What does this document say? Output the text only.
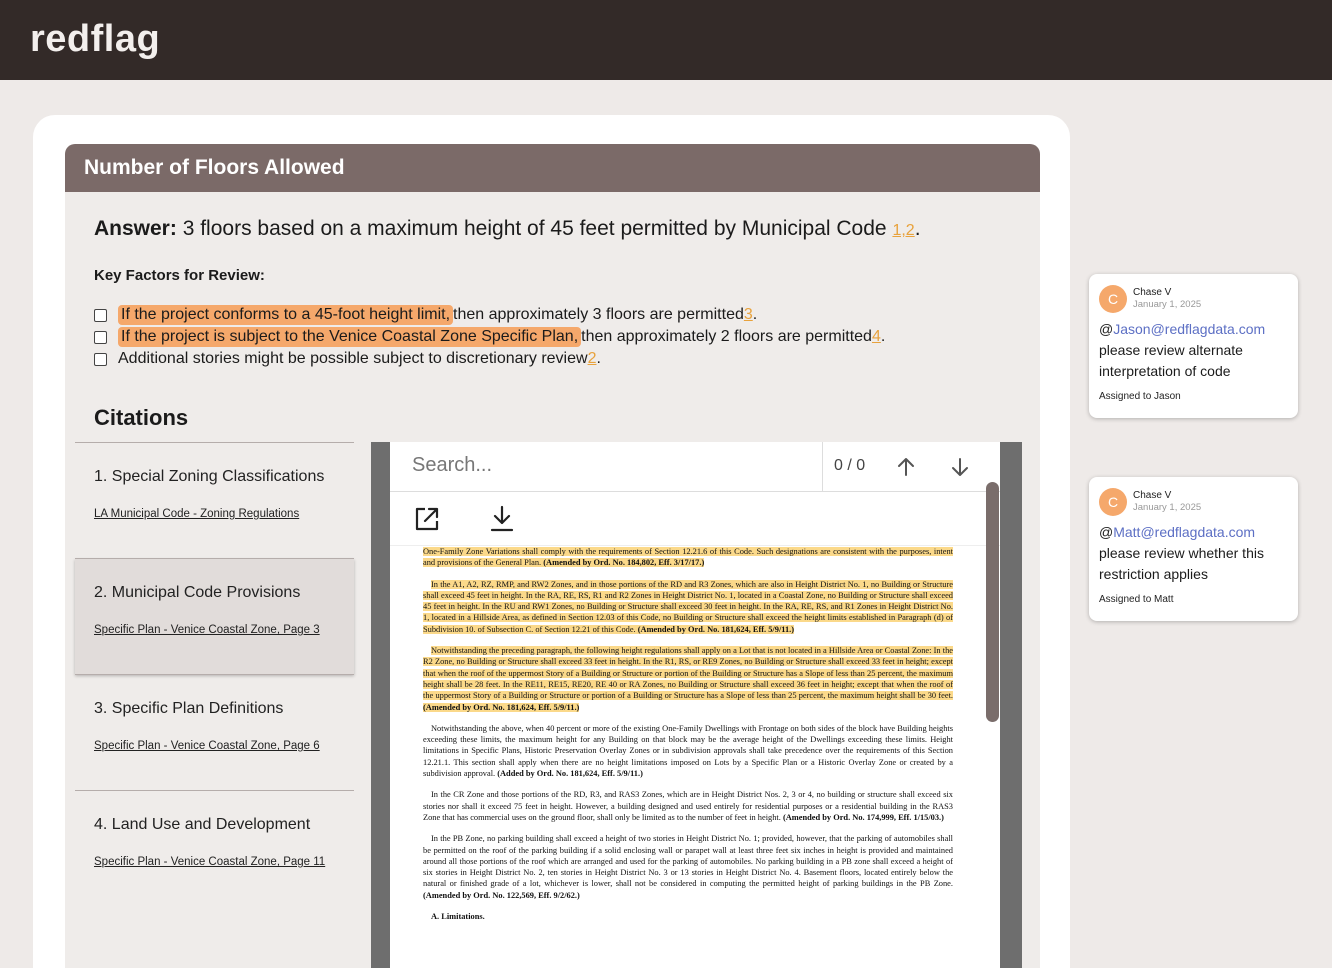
redflag
Number of Floors Allowed
Answer: 3 floors based on a maximum height of 45 feet permitted by Municipal Code 1,2.
Key Factors for Review:
If the project conforms to a 45-foot height limit, then approximately 3 floors are permitted 3 .
If the project is subject to the Venice Coastal Zone Specific Plan, then approximately 2 floors are permitted 4 .
Additional stories might be possible subject to discretionary review 2 .
Citations
1. Special Zoning Classifications
LA Municipal Code - Zoning Regulations
2. Municipal Code Provisions
Specific Plan - Venice Coastal Zone, Page 3
3. Specific Plan Definitions
Specific Plan - Venice Coastal Zone, Page 6
4. Land Use and Development
Specific Plan - Venice Coastal Zone, Page 11
Search...	0 / 0

One-Family Zone Variations shall comply with the requirements of Section 12.21.6 of this Code. Such designations are consistent with the purposes, intent and provisions of the General Plan. (Amended by Ord. No. 184,802, Eff. 3/17/17.)

In the A1, A2, RZ, RMP, and RW2 Zones, and in those portions of the RD and R3 Zones, which are also in Height District No. 1, no Building or Structure shall exceed 45 feet in height. In the RA, RE, RS, R1 and R2 Zones in Height District No. 1, located in a Coastal Zone, no Building or Structure shall exceed 45 feet in height. In the RU and RW1 Zones, no Building or Structure shall exceed 30 feet in height. In the RA, RE, RS, and R1 Zones in Height District No. 1, located in a Hillside Area, as defined in Section 12.03 of this Code, no Building or Structure shall exceed the height limits established in Paragraph (d) of Subdivision 10. of Subsection C. of Section 12.21 of this Code. (Amended by Ord. No. 181,624, Eff. 5/9/11.)

Notwithstanding the preceding paragraph, the following height regulations shall apply on a Lot that is not located in a Hillside Area or Coastal Zone: In the R2 Zone, no Building or Structure shall exceed 33 feet in height. In the R1, RS, or RE9 Zones, no Building or Structure shall exceed 33 feet in height; except that when the roof of the uppermost Story of a Building or Structure or portion of the Building or Structure has a Slope of less than 25 percent, the maximum height shall be 28 feet. In the RE11, RE15, RE20, RE 40 or RA Zones, no Building or Structure shall exceed 36 feet in height; except that when the roof of the uppermost Story of a Building or Structure or portion of a Building or Structure has a Slope of less than 25 percent, the maximum height shall be 30 feet. (Amended by Ord. No. 181,624, Eff. 5/9/11.)

Notwithstanding the above, when 40 percent or more of the existing One-Family Dwellings with Frontage on both sides of the block have Building heights exceeding these limits, the maximum height for any Building on that block may be the average height of the Dwellings exceeding these limits. Height limitations in Specific Plans, Historic Preservation Overlay Zones or in subdivision approvals shall take precedence over the requirements of this Section 12.21.1. This section shall apply when there are no height limitations imposed on Lots by a Specific Plan or a Historic Overlay Zone or created by a subdivision approval. (Added by Ord. No. 181,624, Eff. 5/9/11.)

In the CR Zone and those portions of the RD, R3, and RAS3 Zones, which are in Height District Nos. 2, 3 or 4, no building or structure shall exceed six stories nor shall it exceed 75 feet in height. However, a building designed and used entirely for residential purposes or a residential building in the RAS3 Zone that has commercial uses on the ground floor, shall only be limited as to the number of feet in height. (Amended by Ord. No. 174,999, Eff. 1/15/03.)

In the PB Zone, no parking building shall exceed a height of two stories in Height District No. 1; provided, however, that the parking of automobiles shall be permitted on the roof of the parking building if a solid enclosing wall or parapet wall at least three feet six inches in height is provided and maintained around all those portions of the roof which are arranged and used for the parking of automobiles. No parking building in a PB zone shall exceed a height of six stories in Height District No. 2, ten stories in Height District No. 3 or 13 stories in Height District No. 4. Basement floors, located entirely below the natural or finished grade of a lot, whichever is lower, shall not be considered in computing the permitted height of parking buildings in the PB Zone. (Amended by Ord. No. 122,569, Eff. 9/2/62.)

A. Limitations.

C	Chase V
January 1, 2025
@Jason@redflagdata.com
please review alternate interpretation of code
Assigned to Jason
C	Chase V
January 1, 2025
@Matt@redflagdata.com
please review whether this restriction applies
Assigned to Matt
